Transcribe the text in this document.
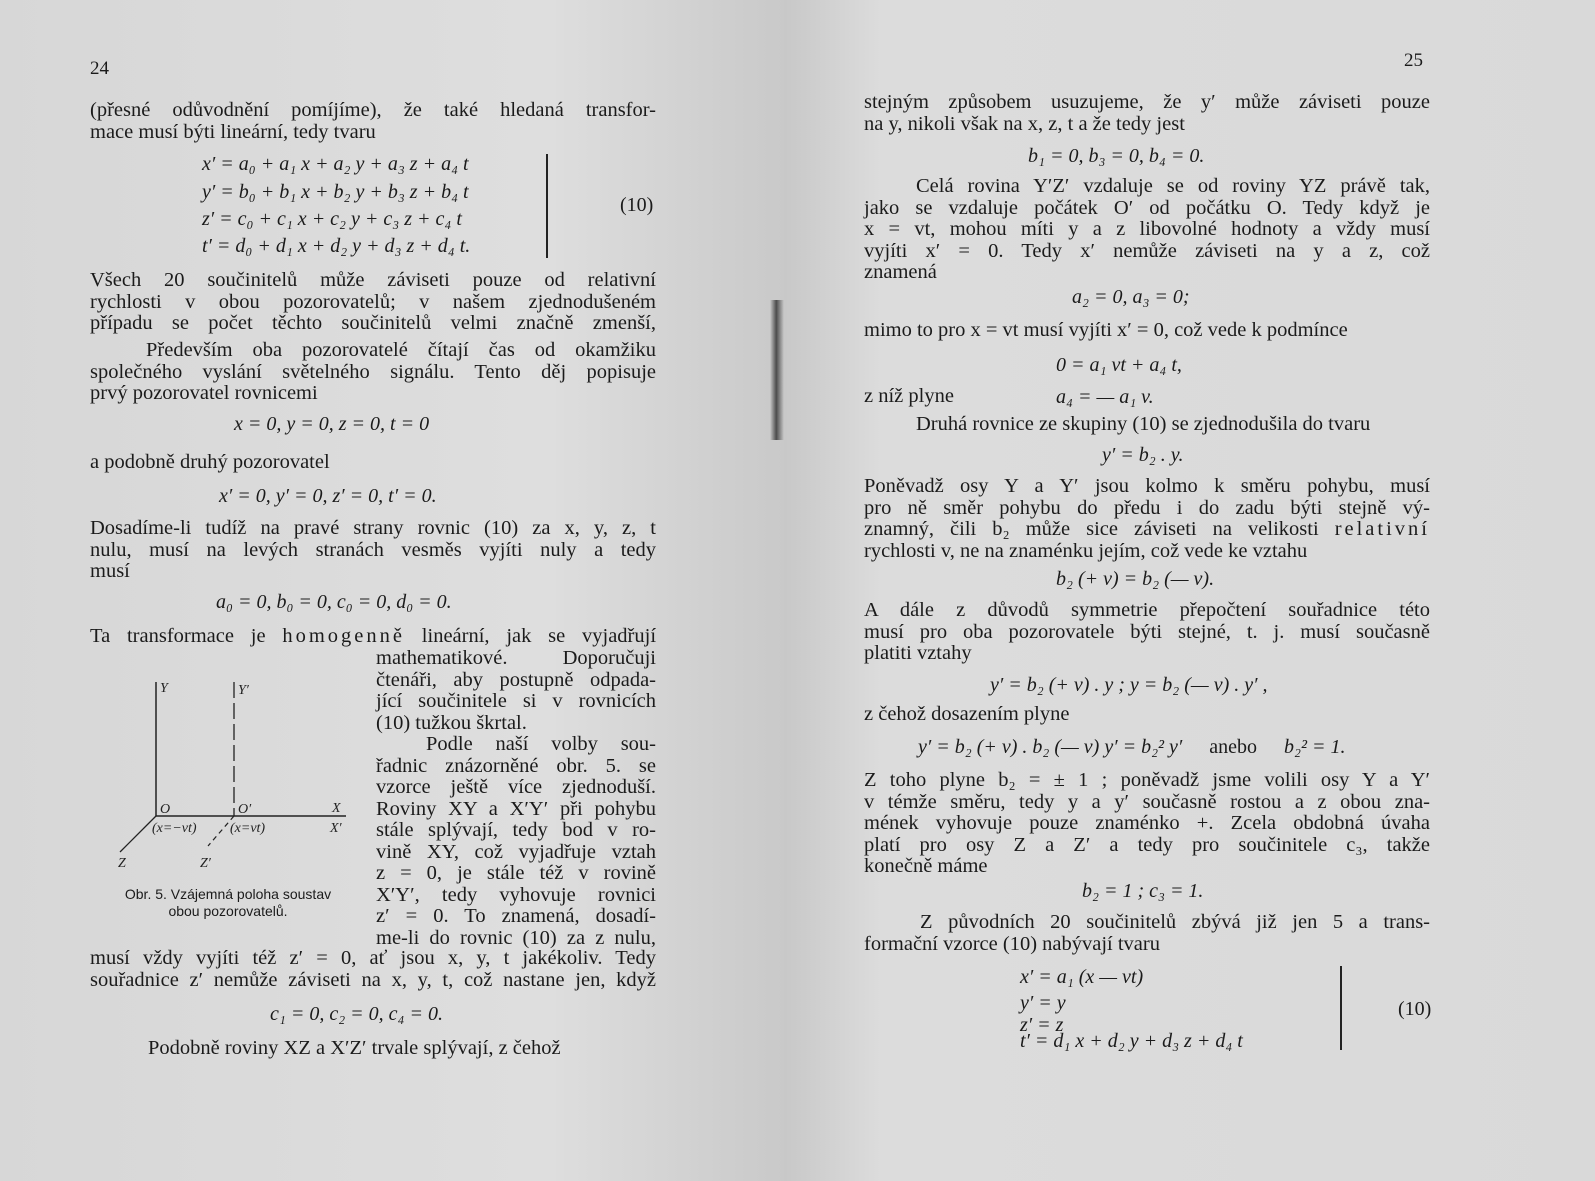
24
(přesné odůvodnění pomíjíme), že také hledaná transfor-
mace musí býti lineární, tedy tvaru
x′ = a₀ + a₁ x + a₂ y + a₃ z + a₄ t
y′ = b₀ + b₁ x + b₂ y + b₃ z + b₄ t
z′ = c₀ + c₁ x + c₂ y + c₃ z + c₄ t
t′ = d₀ + d₁ x + d₂ y + d₃ z + d₄ t.
(10)
Všech 20 součinitelů může záviseti pouze od relativní
rychlosti v obou pozorovatelů; v našem zjednodušeném
případu se počet těchto součinitelů velmi značně zmenší,
Především oba pozorovatelé čítají čas od okamžiku
společného vyslání světelného signálu. Tento děj popisuje
prvý pozorovatel rovnicemi
x = 0, y = 0, z = 0, t = 0
a podobně druhý pozorovatel
x′ = 0, y′ = 0, z′ = 0, t′ = 0.
Dosadíme-li tudíž na pravé strany rovnic (10) za x, y, z, t
nulu, musí na levých stranách vesměs vyjíti nuly a tedy
musí
a₀ = 0, b₀ = 0, c₀ = 0, d₀ = 0.
Ta transformace je homogenně lineární, jak se vyjadřují
mathematikové. Doporučuji
čtenáři, aby postupně odpada-
jící součinitele si v rovnicích
(10) tužkou škrtal.
Podle naší volby sou-
řadnic znázorněné obr. 5. se
vzorce ještě více zjednoduší.
Roviny XY a X′Y′ při pohybu
stále splývají, tedy bod v ro-
vině XY, což vyjadřuje vztah
z = 0, je stále též v rovině
X′Y′, tedy vyhovuje rovnici
z′ = 0. To znamená, dosadí-
me-li do rovnic (10) za z nulu,
Y	Y′
O	O′	X
X′
(x=−vt) (x=vt)
Z	Z′
Obr. 5. Vzájemná poloha soustav
obou pozorovatelů.
musí vždy vyjíti též z′ = 0, ať jsou x, y, t jakékoliv. Tedy
souřadnice z′ nemůže záviseti na x, y, t, což nastane jen, když
c₁ = 0, c₂ = 0, c₄ = 0.
Podobně roviny XZ a X′Z′ trvale splývají, z čehož
25
stejným způsobem usuzujeme, že y′ může záviseti pouze
na y, nikoli však na x, z, t a že tedy jest
b₁ = 0, b₃ = 0, b₄ = 0.
Celá rovina Y′Z′ vzdaluje se od roviny YZ právě tak,
jako se vzdaluje počátek O′ od počátku O. Tedy když je
x = vt, mohou míti y a z libovolné hodnoty a vždy musí
vyjíti x′ = 0. Tedy x′ nemůže záviseti na y a z, což
znamená
a₂ = 0, a₃ = 0;
mimo to pro x = vt musí vyjíti x′ = 0, což vede k podmínce
0 = a₁ vt + a₄ t,
z níž plyne	a₄ = — a₁ v.
Druhá rovnice ze skupiny (10) se zjednodušila do tvaru
y′ = b₂ . y.
Poněvadž osy Y a Y′ jsou kolmo k směru pohybu, musí
pro ně směr pohybu do předu i do zadu býti stejně vý-
znamný, čili b₂ může sice záviseti na velikosti relativní
rychlosti v, ne na znaménku jejím, což vede ke vztahu
b₂ (+ v) = b₂ (— v).
A dále z důvodů symmetrie přepočtení souřadnice této
musí pro oba pozorovatele býti stejné, t. j. musí současně
platiti vztahy
y′ = b₂ (+ v) . y ; y = b₂ (— v) . y′ ,
z čehož dosazením plyne
y′ = b₂ (+ v) . b₂ (— v) y′ = b₂² y′ anebo b₂² = 1.
Z toho plyne b₂ = ± 1 ; poněvadž jsme volili osy Y a Y′
v témže směru, tedy y a y′ současně rostou a z obou zna-
mének vyhovuje pouze znaménko +. Zcela obdobná úvaha
platí pro osy Z a Z′ a tedy pro součinitele c₃, takže
konečně máme
b₂ = 1 ; c₃ = 1.
Z původních 20 součinitelů zbývá již jen 5 a trans-
formační vzorce (10) nabývají tvaru
x′ = a₁ (x — vt)
y′ = y
z′ = z
t′ = d₁ x + d₂ y + d₃ z + d₄ t
(10)
